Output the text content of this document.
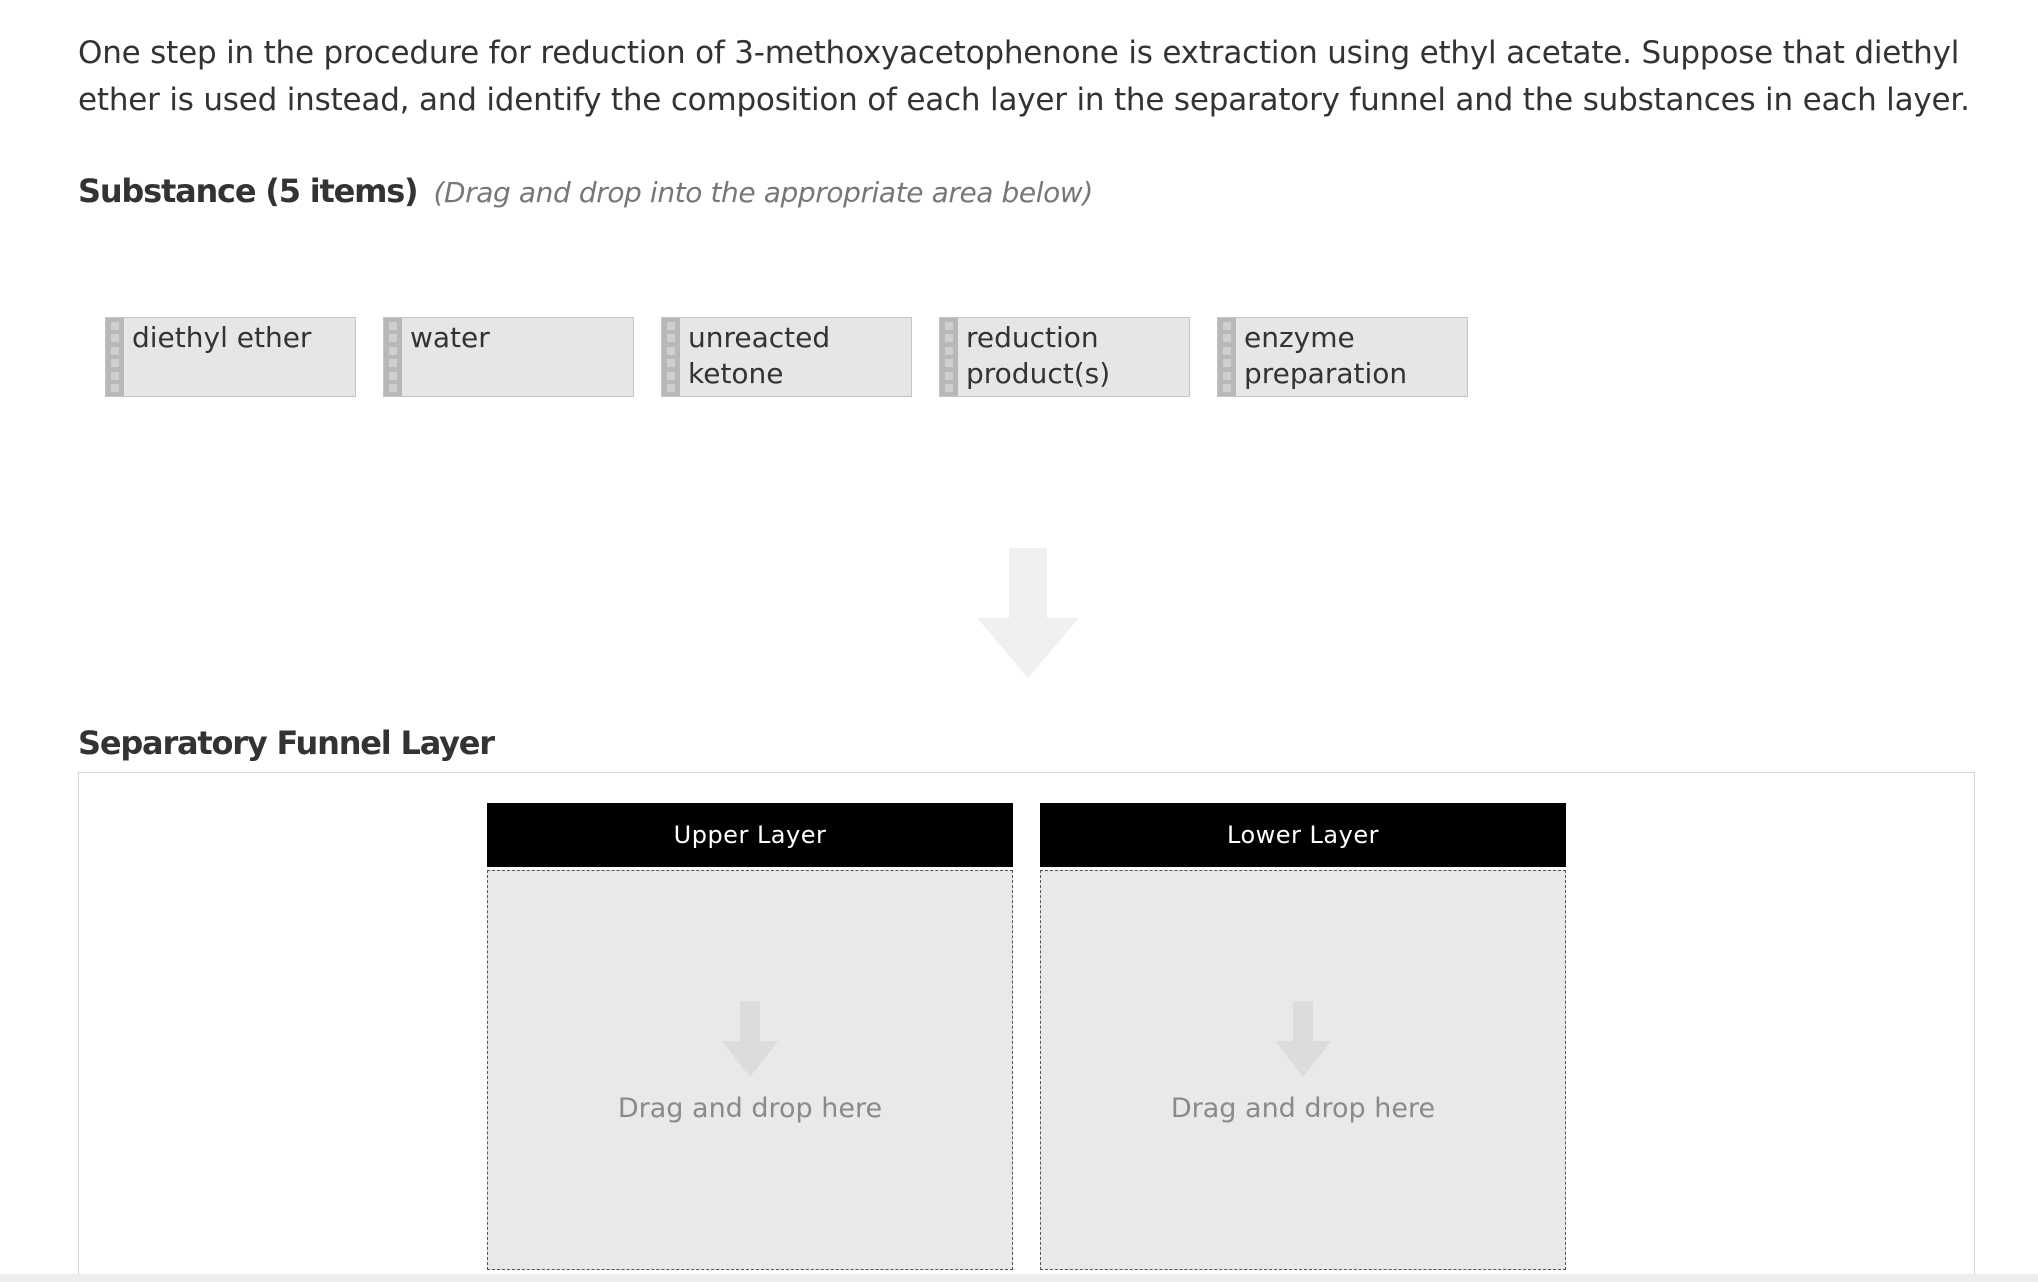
One step in the procedure for reduction of 3-methoxyacetophenone is extraction using ethyl acetate. Suppose that diethyl ether is used instead, and identify the composition of each layer in the separatory funnel and the substances in each layer.
Substance (5 items) (Drag and drop into the appropriate area below)
diethyl ether	water	unreacted ketone
reduction product(s)
enzyme preparation
Separatory Funnel Layer
Upper Layer
Drag and drop here
Lower Layer
Drag and drop here
